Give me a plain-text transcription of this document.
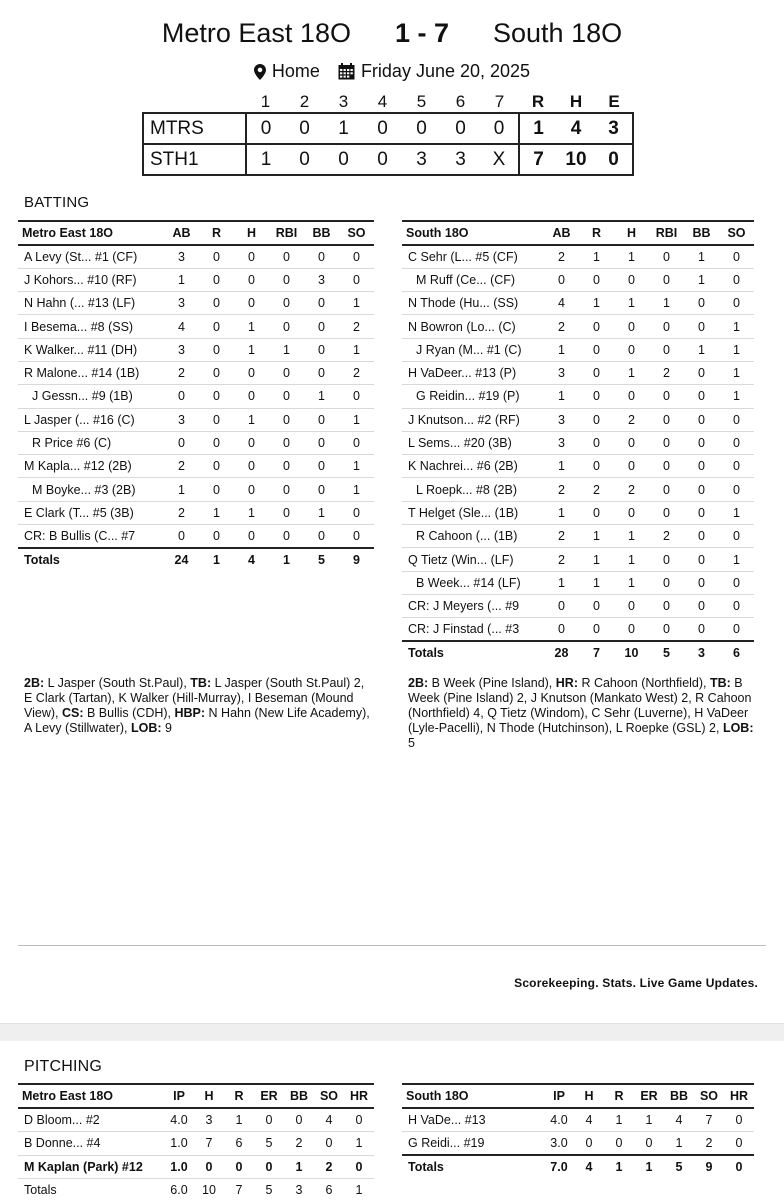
Metro East 18O 1 - 7 South 18O
Home Friday June 20, 2025
	1	2	3	4	5	6	7	R	H	E
MTRS	0	0	1	0	0	0	0	1	4	3
STH1	1	0	0	0	3	3	X	7	10	0
BATTING
Metro East 18O	AB	R	H	RBI	BB	SO
A Levy (St... #1 (CF)	3	0	0	0	0	0
J Kohors... #10 (RF)	1	0	0	0	3	0
N Hahn (... #13 (LF)	3	0	0	0	0	1
I Besema... #8 (SS)	4	0	1	0	0	2
K Walker... #11 (DH)	3	0	1	1	0	1
R Malone... #14 (1B)	2	0	0	0	0	2
J Gessn... #9 (1B)	0	0	0	0	1	0
L Jasper (... #16 (C)	3	0	1	0	0	1
R Price #6 (C)	0	0	0	0	0	0
M Kapla... #12 (2B)	2	0	0	0	0	1
M Boyke... #3 (2B)	1	0	0	0	0	1
E Clark (T... #5 (3B)	2	1	1	0	1	0
CR: B Bullis (C... #7	0	0	0	0	0	0
Totals	24	1	4	1	5	9
South 18O	AB	R	H	RBI	BB	SO
C Sehr (L... #5 (CF)	2	1	1	0	1	0
M Ruff (Ce... (CF)	0	0	0	0	1	0
N Thode (Hu... (SS)	4	1	1	1	0	0
N Bowron (Lo... (C)	2	0	0	0	0	1
J Ryan (M... #1 (C)	1	0	0	0	1	1
H VaDeer... #13 (P)	3	0	1	2	0	1
G Reidin... #19 (P)	1	0	0	0	0	1
J Knutson... #2 (RF)	3	0	2	0	0	0
L Sems... #20 (3B)	3	0	0	0	0	0
K Nachrei... #6 (2B)	1	0	0	0	0	0
L Roepk... #8 (2B)	2	2	2	0	0	0
T Helget (Sle... (1B)	1	0	0	0	0	1
R Cahoon (... (1B)	2	1	1	2	0	0
Q Tietz (Win... (LF)	2	1	1	0	0	1
B Week... #14 (LF)	1	1	1	0	0	0
CR: J Meyers (... #9	0	0	0	0	0	0
CR: J Finstad (... #3	0	0	0	0	0	0
Totals	28	7	10	5	3	6
2B: L Jasper (South St.Paul), TB: L Jasper (South St.Paul) 2, E Clark (Tartan), K Walker (Hill-Murray), I Beseman (Mound View), CS: B Bullis (CDH), HBP: N Hahn (New Life Academy), A Levy (Stillwater), LOB: 9
2B: B Week (Pine Island), HR: R Cahoon (Northfield), TB: B Week (Pine Island) 2, J Knutson (Mankato West) 2, R Cahoon (Northfield) 4, Q Tietz (Windom), C Sehr (Luverne), H VaDeer (Lyle-Pacelli), N Thode (Hutchinson), L Roepke (GSL) 2, LOB: 5
Scorekeeping. Stats. Live Game Updates.
PITCHING
Metro East 18O	IP	H	R	ER	BB	SO	HR
D Bloom... #2	4.0	3	1	0	0	4	0
B Donne... #4	1.0	7	6	5	2	0	1
M Kaplan (Park) #12	1.0	0	0	0	1	2	0
Totals	6.0	10	7	5	3	6	1
South 18O	IP	H	R	ER	BB	SO	HR
H VaDe... #13	4.0	4	1	1	4	7	0
G Reidi... #19	3.0	0	0	0	1	2	0
Totals	7.0	4	1	1	5	9	0
